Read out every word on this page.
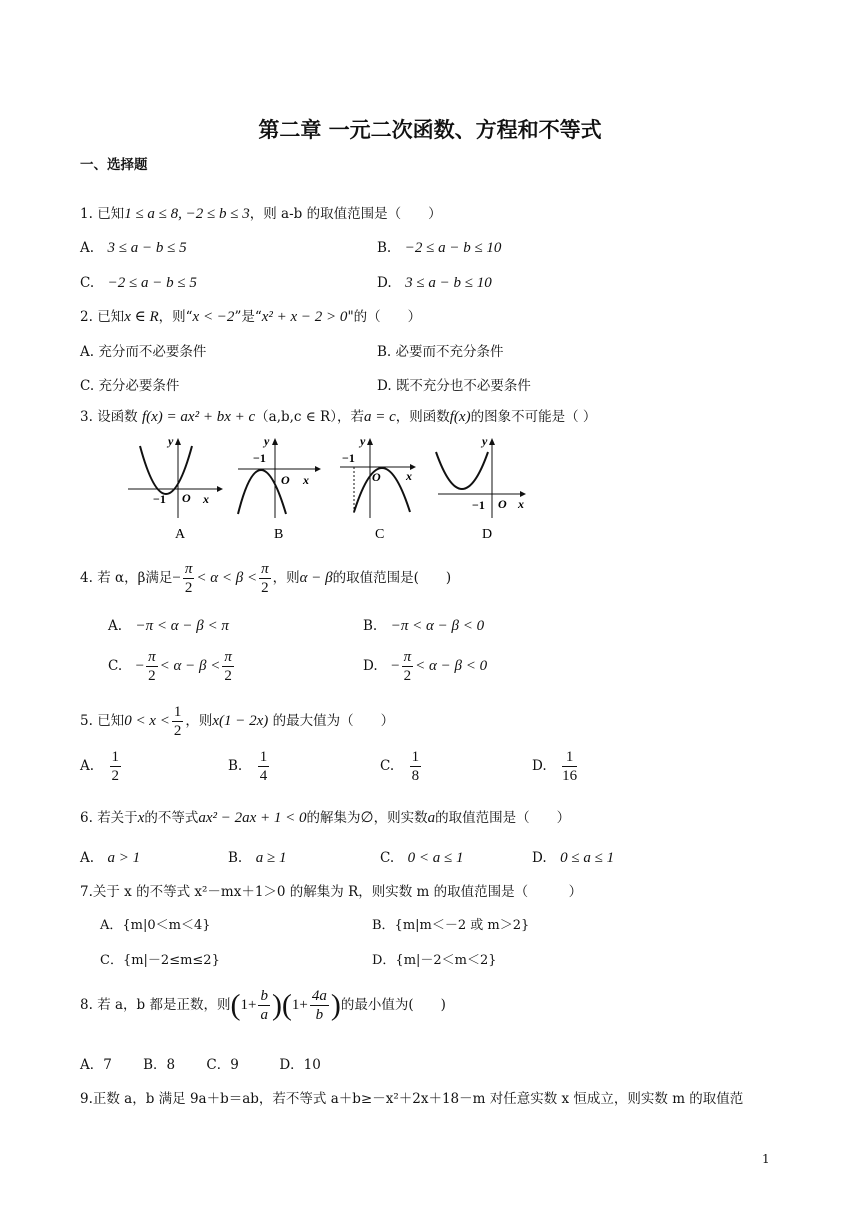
第二章 一元二次函数、方程和不等式
一、选择题
1. 已知1 ≤ a ≤ 8, −2 ≤ b ≤ 3，则 a-b 的取值范围是（　　）
A.　3 ≤ a − b ≤ 5	B.　−2 ≤ a − b ≤ 10
C.　−2 ≤ a − b ≤ 5	D.　3 ≤ a − b ≤ 10
2. 已知x ∈ R，则“x < −2”是“x² + x − 2 > 0"的（　　）
A. 充分而不必要条件	B. 必要而不充分条件
C. 充分必要条件	D. 既不充分也不必要条件
3. 设函数 f(x) = ax² + bx + c（a,b,c ∈ R），若a = c，则函数f(x)的图象不可能是（ ）
y
−1 O x
A
y
−1
O x
B
y
−1
O x
C
y
−1 O x
D
4. 若 α，β满足− $\frac{\pi}{2} < \alpha < \beta < \frac{\pi}{2}$ ，则α − β的取值范围是(　　)
A.　 −π < α − β < π	B.　 −π < α − β < 0
C.　 − $\frac{\pi}{2} < \alpha - \beta < \frac{\pi}{2}$	D.　 − $\frac{\pi}{2} < \alpha - \beta < 0$
5. 已知$0 < x < \frac{1}{2}$ ，则x(1 − 2x) 的最大值为（　　）
A.　 $\frac{1}{2}$	B.　 $\frac{1}{4}$	C.　 $\frac{1}{8}$	D.　 $\frac{1}{16}$
6. 若关于x的不等式ax² − 2ax + 1 < 0的解集为∅，则实数a的取值范围是（　　）
A.　a > 1	B.　a ≥ 1	C.　0 < a ≤ 1	D.　0 ≤ a ≤ 1
7.关于 x 的不等式 x²－mx＋1＞0 的解集为 R，则实数 m 的取值范围是（　　　）
A．{m|0＜m＜4}	B．{m|m＜－2 或 m＞2}
C．{m|－2≤m≤2}	D．{m|－2＜m＜2}
8. 若 a，b 都是正数，则$(1+ \frac{b}{a} )(1+ \frac{4a}{b}$ )的最小值为(　　)
A．7　　 B．8　　 C．9　　　D．10
9.正数 a，b 满足 9a＋b＝ab，若不等式 a＋b≥－x²＋2x＋18－m 对任意实数 x 恒成立，则实数 m 的取值范
1
